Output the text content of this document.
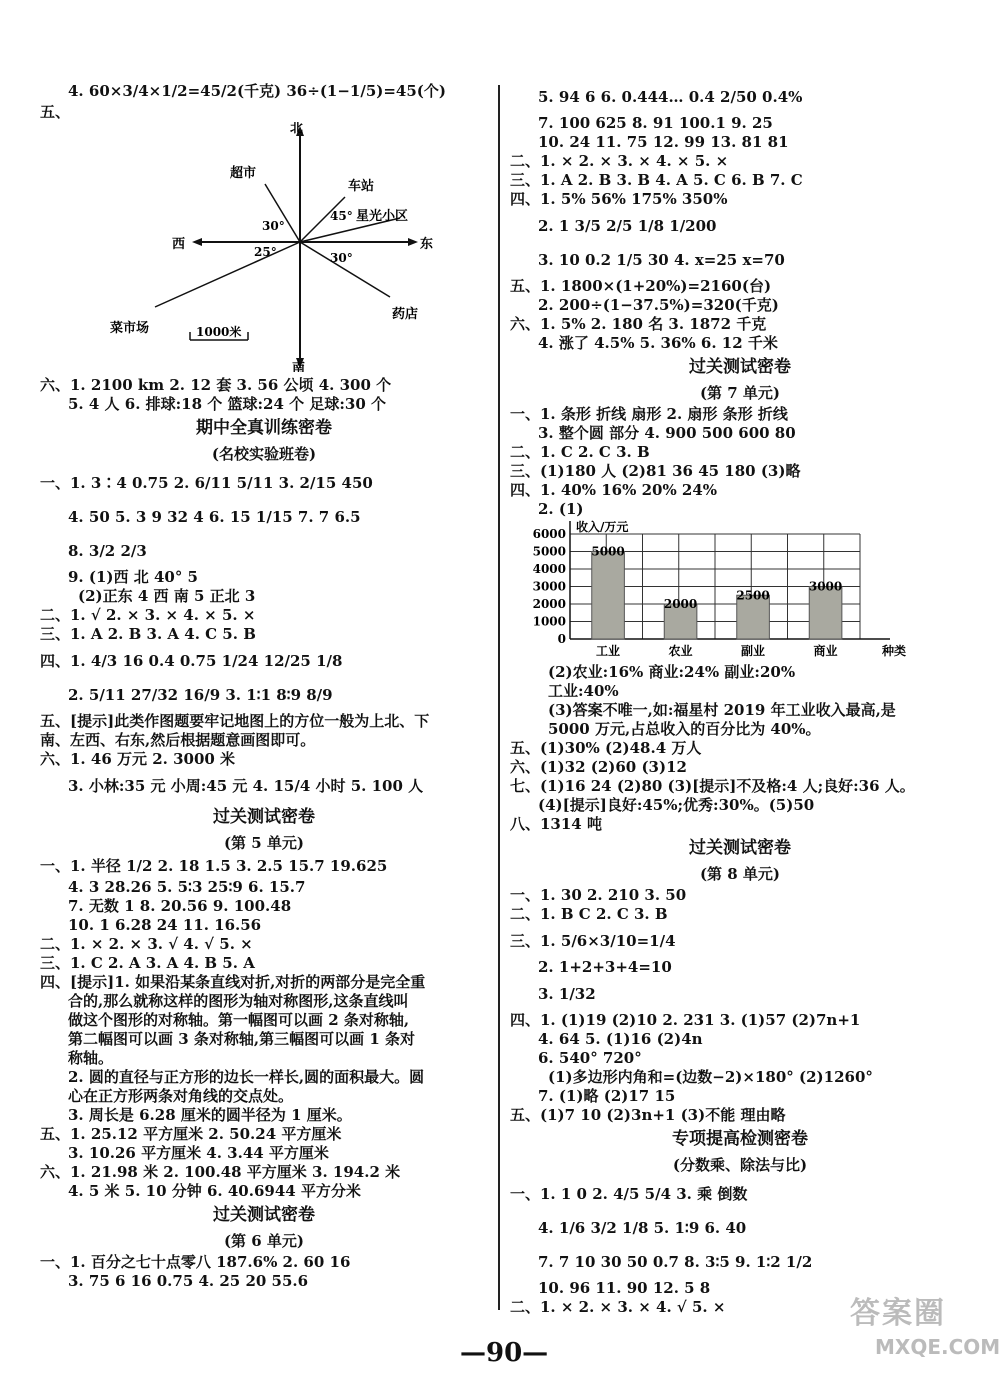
4. 60×3/4×1/2=45/2(千克) 36÷(1−1/5)=45(个)
五、
北
南
西	东
超市
车站
45° 星光小区
30°
25°	30°
菜市场
药店
1000米
六、1. 2100 km 2. 12 套 3. 56 公顷 4. 300 个
5. 4 人 6. 排球:18 个 篮球:24 个 足球:30 个
期中全真训练密卷
(名校实验班卷)
一、1. 3∶4 0.75 2. 6/11 5/11 3. 2/15 450
4. 50 5. 3 9 32 4 6. 15 1/15 7. 7 6.5
8. 3/2 2/3
9. (1)西 北 40° 5
(2)正东 4 西 南 5 正北 3
二、1. √ 2. × 3. × 4. × 5. ×
三、1. A 2. B 3. A 4. C 5. B
四、1. 4/3 16 0.4 0.75 1/24 12/25 1/8
2. 5/11 27/32 16/9 3. 1∶1 8∶9 8/9
五、[提示]此类作图题要牢记地图上的方位一般为上北、下
南、左西、右东,然后根据题意画图即可。
六、1. 46 万元 2. 3000 米
3. 小林:35 元 小周:45 元 4. 15/4 小时 5. 100 人
过关测试密卷
(第 5 单元)
一、1. 半径 1/2 2. 18 1.5 3. 2.5 15.7 19.625
4. 3 28.26 5. 5∶3 25∶9 6. 15.7
7. 无数 1 8. 20.56 9. 100.48
10. 1 6.28 24 11. 16.56
二、1. × 2. × 3. √ 4. √ 5. ×
三、1. C 2. A 3. A 4. B 5. A
四、[提示]1. 如果沿某条直线对折,对折的两部分是完全重
合的,那么就称这样的图形为轴对称图形,这条直线叫
做这个图形的对称轴。第一幅图可以画 2 条对称轴,
第二幅图可以画 3 条对称轴,第三幅图可以画 1 条对
称轴。
2. 圆的直径与正方形的边长一样长,圆的面积最大。圆
心在正方形两条对角线的交点处。
3. 周长是 6.28 厘米的圆半径为 1 厘米。
五、1. 25.12 平方厘米 2. 50.24 平方厘米
3. 10.26 平方厘米 4. 3.44 平方厘米
六、1. 21.98 米 2. 100.48 平方厘米 3. 194.2 米
4. 5 米 5. 10 分钟 6. 40.6944 平方分米
过关测试密卷
(第 6 单元)
一、1. 百分之七十点零八 187.6% 2. 60 16
3. 75 6 16 0.75 4. 25 20 55.6
5. 94 6 6. 0.444… 0.4 2/50 0.4%
7. 100 625 8. 91 100.1 9. 25
10. 24 11. 75 12. 99 13. 81 81
二、1. × 2. × 3. × 4. × 5. ×
三、1. A 2. B 3. B 4. A 5. C 6. B 7. C
四、1. 5% 56% 175% 350%
2. 1 3/5 2/5 1/8 1/200
3. 10 0.2 1/5 30 4. x=25 x=70
五、1. 1800×(1+20%)=2160(台)
2. 200÷(1−37.5%)=320(千克)
六、1. 5% 2. 180 名 3. 1872 千克
4. 涨了 4.5% 5. 36% 6. 12 千米
过关测试密卷
(第 7 单元)
一、1. 条形 折线 扇形 2. 扇形 条形 折线
3. 整个圆 部分 4. 900 500 600 80
二、1. C 2. C 3. B
三、(1)180 人 (2)81 36 45 180 (3)略
四、1. 40% 16% 20% 24%
2. (1)
0
1000
2000
3000
4000
5000
6000 收入/万元
种类
5000
工业
2000
农业
2500
副业
3000
商业
(2)农业:16% 商业:24% 副业:20%
工业:40%
(3)答案不唯一,如:福星村 2019 年工业收入最高,是
5000 万元,占总收入的百分比为 40%。
五、(1)30% (2)48.4 万人
六、(1)32 (2)60 (3)12
七、(1)16 24 (2)80 (3)[提示]不及格:4 人;良好:36 人。
(4)[提示]良好:45%;优秀:30%。(5)50
八、1314 吨
过关测试密卷
(第 8 单元)
一、1. 30 2. 210 3. 50
二、1. B C 2. C 3. B
三、1. 5/6×3/10=1/4
2. 1+2+3+4=10
3. 1/32
四、1. (1)19 (2)10 2. 231 3. (1)57 (2)7n+1
4. 64 5. (1)16 (2)4n
6. 540° 720°
(1)多边形内角和=(边数−2)×180° (2)1260°
7. (1)略 (2)17 15
五、(1)7 10 (2)3n+1 (3)不能 理由略
专项提高检测密卷
(分数乘、除法与比)
一、1. 1 0 2. 4/5 5/4 3. 乘 倒数
4. 1/6 3/2 1/8 5. 1∶9 6. 40
7. 7 10 30 50 0.7 8. 3∶5 9. 1∶2 1/2
10. 96 11. 90 12. 5 8
二、1. × 2. × 3. × 4. √ 5. ×
—90—
答案圈
MXQE.COM
